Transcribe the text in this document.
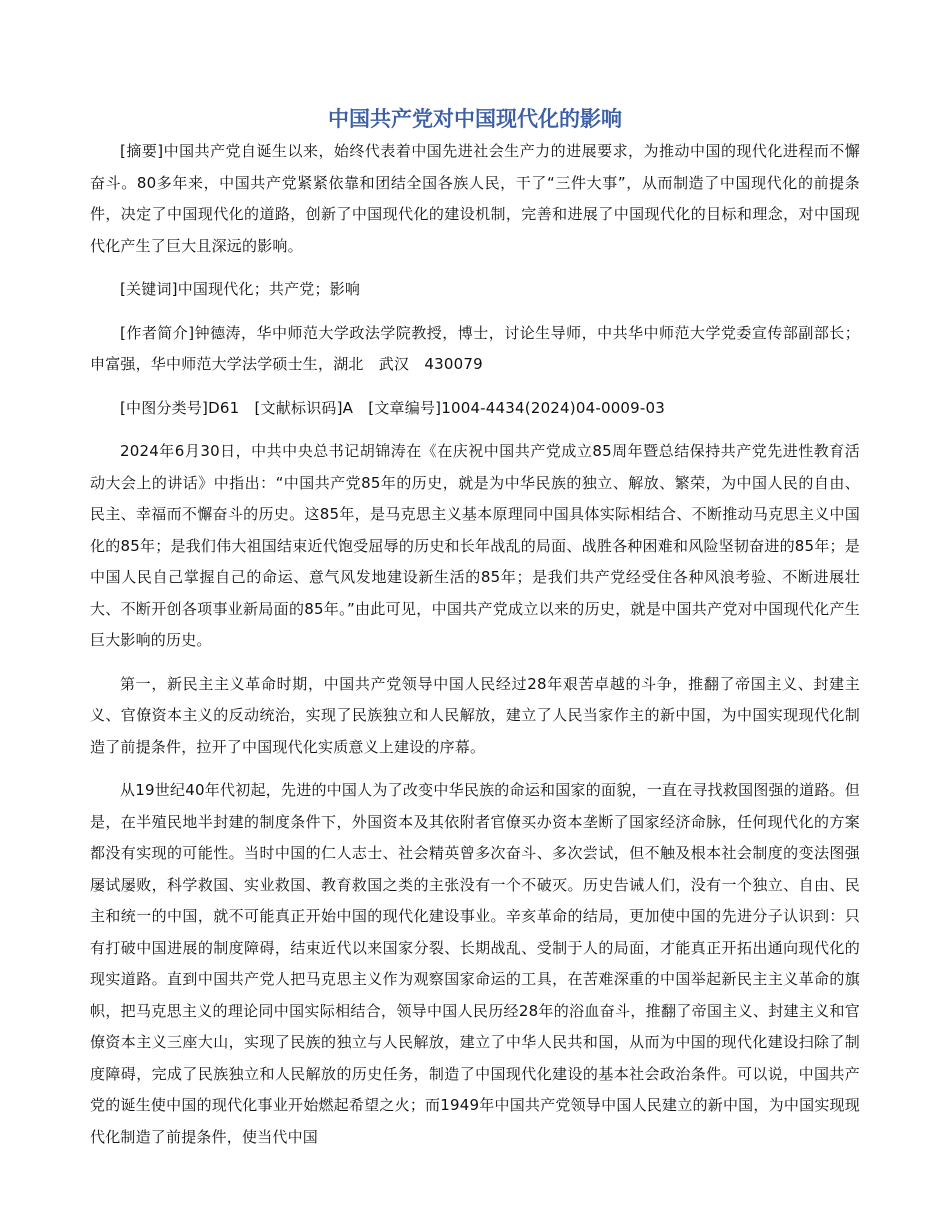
中国共产党对中国现代化的影响

[摘要]中国共产党自诞生以来，始终代表着中国先进社会生产力的进展要求，为推动中国的现代化进程而不懈奋斗。80多年来，中国共产党紧紧依靠和团结全国各族人民，干了“三件大事”，从而制造了中国现代化的前提条件，决定了中国现代化的道路，创新了中国现代化的建设机制，完善和进展了中国现代化的目标和理念，对中国现代化产生了巨大且深远的影响。

[关键词]中国现代化；共产党；影响

[作者简介]钟德涛，华中师范大学政法学院教授，博士，讨论生导师，中共华中师范大学党委宣传部副部长；申富强，华中师范大学法学硕士生，湖北　武汉　430079

[中图分类号]D61　[文献标识码]A　[文章编号]1004-4434(2024)04-0009-03

2024年6月30日，中共中央总书记胡锦涛在《在庆祝中国共产党成立85周年暨总结保持共产党先进性教育活动大会上的讲话》中指出：“中国共产党85年的历史，就是为中华民族的独立、解放、繁荣，为中国人民的自由、民主、幸福而不懈奋斗的历史。这85年，是马克思主义基本原理同中国具体实际相结合、不断推动马克思主义中国化的85年；是我们伟大祖国结束近代饱受屈辱的历史和长年战乱的局面、战胜各种困难和风险坚韧奋进的85年；是中国人民自己掌握自己的命运、意气风发地建设新生活的85年；是我们共产党经受住各种风浪考验、不断进展壮大、不断开创各项事业新局面的85年。”由此可见，中国共产党成立以来的历史，就是中国共产党对中国现代化产生巨大影响的历史。

第一，新民主主义革命时期，中国共产党领导中国人民经过28年艰苦卓越的斗争，推翻了帝国主义、封建主义、官僚资本主义的反动统治，实现了民族独立和人民解放，建立了人民当家作主的新中国，为中国实现现代化制造了前提条件，拉开了中国现代化实质意义上建设的序幕。

从19世纪40年代初起，先进的中国人为了改变中华民族的命运和国家的面貌，一直在寻找救国图强的道路。但是，在半殖民地半封建的制度条件下，外国资本及其依附者官僚买办资本垄断了国家经济命脉，任何现代化的方案都没有实现的可能性。当时中国的仁人志士、社会精英曾多次奋斗、多次尝试，但不触及根本社会制度的变法图强屡试屡败，科学救国、实业救国、教育救国之类的主张没有一个不破灭。历史告诫人们，没有一个独立、自由、民主和统一的中国，就不可能真正开始中国的现代化建设事业。辛亥革命的结局，更加使中国的先进分子认识到：只有打破中国进展的制度障碍，结束近代以来国家分裂、长期战乱、受制于人的局面，才能真正开拓出通向现代化的现实道路。直到中国共产党人把马克思主义作为观察国家命运的工具，在苦难深重的中国举起新民主主义革命的旗帜，把马克思主义的理论同中国实际相结合，领导中国人民历经28年的浴血奋斗，推翻了帝国主义、封建主义和官僚资本主义三座大山，实现了民族的独立与人民解放，建立了中华人民共和国，从而为中国的现代化建设扫除了制度障碍，完成了民族独立和人民解放的历史任务，制造了中国现代化建设的基本社会政治条件。可以说，中国共产党的诞生使中国的现代化事业开始燃起希望之火；而1949年中国共产党领导中国人民建立的新中国，为中国实现现代化制造了前提条件，使当代中国
